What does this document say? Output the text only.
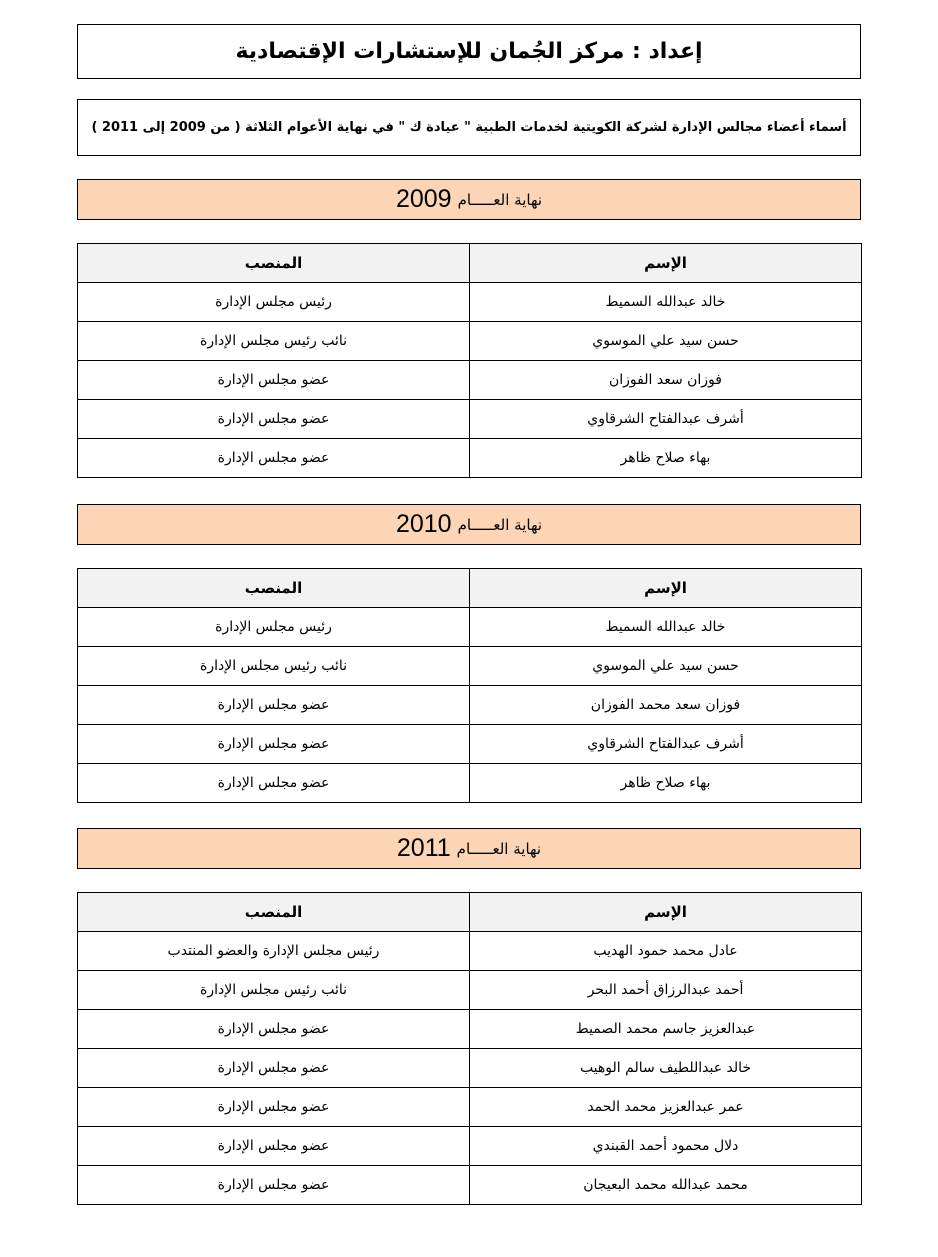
إعداد : مركز الجُمان للإستشارات الإقتصادية
أسماء أعضاء مجالس الإدارة لشركة الكويتية لخدمات الطبية " عيادة ك " في نهاية الأعوام الثلاثة ( من 2009 إلى 2011 )
نهاية العـــــام
2009
الإسم	المنصب
خالد عبدالله السميط	رئيس مجلس الإدارة
حسن سيد علي الموسوي	نائب رئيس مجلس الإدارة
فوزان سعد الفوزان	عضو مجلس الإدارة
أشرف عبدالفتاح الشرقاوي	عضو مجلس الإدارة
بهاء صلاح ظاهر	عضو مجلس الإدارة
نهاية العـــــام
2010
الإسم	المنصب
خالد عبدالله السميط	رئيس مجلس الإدارة
حسن سيد علي الموسوي	نائب رئيس مجلس الإدارة
فوزان سعد محمد الفوزان	عضو مجلس الإدارة
أشرف عبدالفتاح الشرقاوي	عضو مجلس الإدارة
بهاء صلاح ظاهر	عضو مجلس الإدارة
نهاية العـــــام
2011
الإسم	المنصب
عادل محمد حمود الهديب	رئيس مجلس الإدارة والعضو المنتدب
أحمد عبدالرزاق أحمد البحر	نائب رئيس مجلس الإدارة
عبدالعزيز جاسم محمد الصميط	عضو مجلس الإدارة
خالد عبداللطيف سالم الوهيب	عضو مجلس الإدارة
عمر عبدالعزيز محمد الحمد	عضو مجلس الإدارة
دلال محمود أحمد القبندي	عضو مجلس الإدارة
محمد عبدالله محمد البعيجان	عضو مجلس الإدارة
